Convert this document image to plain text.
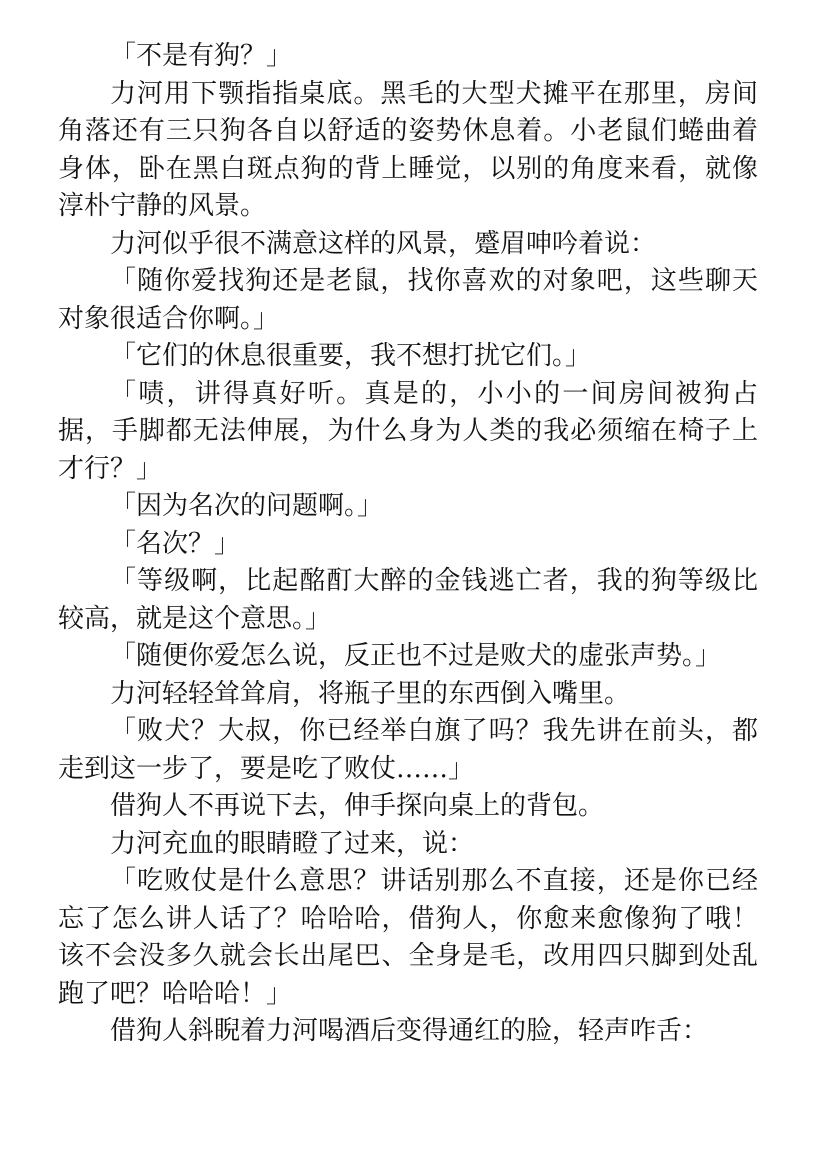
「不是有狗？」

力河用下颚指指桌底。黑毛的大型犬摊平在那里，房间角落还有三只狗各自以舒适的姿势休息着。小老鼠们蜷曲着身体，卧在黑白斑点狗的背上睡觉，以别的角度来看，就像淳朴宁静的风景。

力河似乎很不满意这样的风景，蹙眉呻吟着说：

「随你爱找狗还是老鼠，找你喜欢的对象吧，这些聊天对象很适合你啊。」

「它们的休息很重要，我不想打扰它们。」

「啧，讲得真好听。真是的，小小的一间房间被狗占据，手脚都无法伸展，为什么身为人类的我必须缩在椅子上才行？」

「因为名次的问题啊。」

「名次？」

「等级啊，比起酩酊大醉的金钱逃亡者，我的狗等级比较高，就是这个意思。」

「随便你爱怎么说，反正也不过是败犬的虚张声势。」

力河轻轻耸耸肩，将瓶子里的东西倒入嘴里。

「败犬？大叔，你已经举白旗了吗？我先讲在前头，都走到这一步了，要是吃了败仗……」

借狗人不再说下去，伸手探向桌上的背包。

力河充血的眼睛瞪了过来，说：

「吃败仗是什么意思？讲话别那么不直接，还是你已经忘了怎么讲人话了？哈哈哈，借狗人，你愈来愈像狗了哦！该不会没多久就会长出尾巴、全身是毛，改用四只脚到处乱跑了吧？哈哈哈！」

借狗人斜睨着力河喝酒后变得通红的脸，轻声咋舌：
